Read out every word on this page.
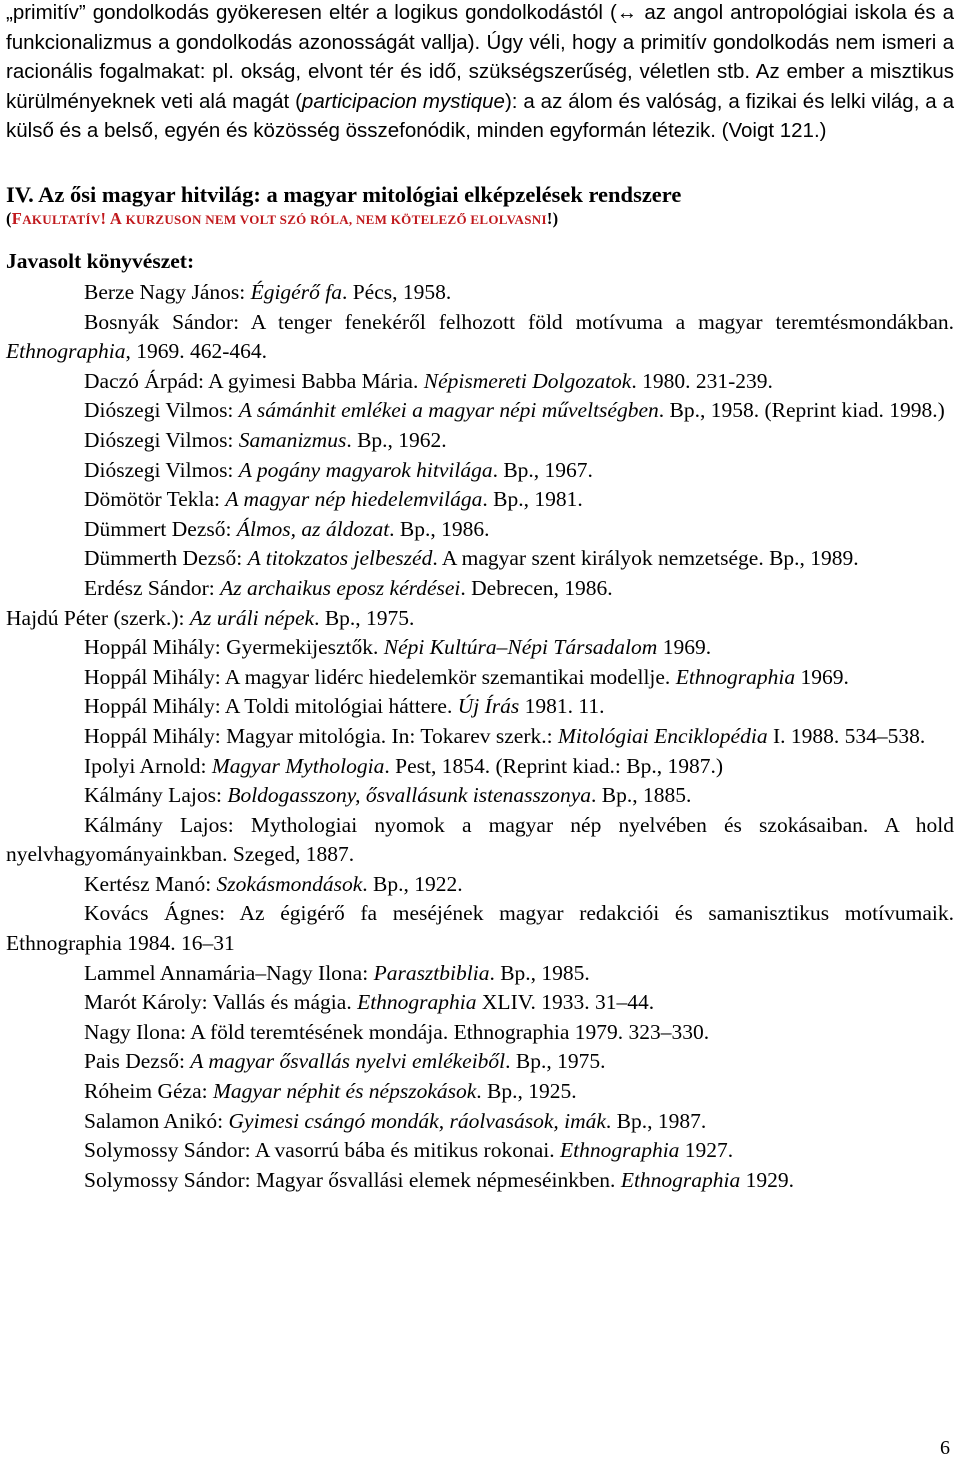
„primitív” gondolkodás gyökeresen eltér a logikus gondolkodástól (↔ az angol antropológiai iskola és a funkcionalizmus a gondolkodás azonosságát vallja). Úgy véli, hogy a primitív gondolkodás nem ismeri a racionális fogalmakat: pl. okság, elvont tér és idő, szükségszerűség, véletlen stb. Az ember a misztikus kürülményeknek veti alá magát (participacion mystique): a az álom és valóság, a fizikai és lelki világ, a a külső és a belső, egyén és közösség összefonódik, minden egyformán létezik. (Voigt 121.)

IV. Az ősi magyar hitvilág: a magyar mitológiai elképzelések rendszere

(FAKULTATÍV! A KURZUSON NEM VOLT SZÓ RÓLA, NEM KÖTELEZŐ ELOLVASNI!)

Javasolt könyvészet:

Berze Nagy János: Égigérő fa. Pécs, 1958.

Bosnyák Sándor: A tenger fenekéről felhozott föld motívuma a magyar teremtésmondákban. Ethnographia, 1969. 462-464.

Daczó Árpád: A gyimesi Babba Mária. Népismereti Dolgozatok. 1980. 231-239.

Diószegi Vilmos: A sámánhit emlékei a magyar népi műveltségben. Bp., 1958. (Reprint kiad. 1998.)

Diószegi Vilmos: Samanizmus. Bp., 1962.

Diószegi Vilmos: A pogány magyarok hitvilága. Bp., 1967.

Dömötör Tekla: A magyar nép hiedelemvilága. Bp., 1981.

Dümmert Dezső: Álmos, az áldozat. Bp., 1986.

Dümmerth Dezső: A titokzatos jelbeszéd. A magyar szent királyok nemzetsége. Bp., 1989.

Erdész Sándor: Az archaikus eposz kérdései. Debrecen, 1986.

Hajdú Péter (szerk.): Az uráli népek. Bp., 1975.

Hoppál Mihály: Gyermekijesztők. Népi Kultúra–Népi Társadalom 1969.

Hoppál Mihály: A magyar lidérc hiedelemkör szemantikai modellje. Ethnographia 1969.

Hoppál Mihály: A Toldi mitológiai háttere. Új Írás 1981. 11.

Hoppál Mihály: Magyar mitológia. In: Tokarev szerk.: Mitológiai Enciklopédia I. 1988. 534–538.

Ipolyi Arnold: Magyar Mythologia. Pest, 1854. (Reprint kiad.: Bp., 1987.)

Kálmány Lajos: Boldogasszony, ősvallásunk istenasszonya. Bp., 1885.

Kálmány Lajos: Mythologiai nyomok a magyar nép nyelvében és szokásaiban. A hold nyelvhagyományainkban. Szeged, 1887.

Kertész Manó: Szokásmondások. Bp., 1922.

Kovács Ágnes: Az égigérő fa meséjének magyar redakciói és samanisztikus motívumaik. Ethnographia 1984. 16–31

Lammel Annamária–Nagy Ilona: Parasztbiblia. Bp., 1985.

Marót Károly: Vallás és mágia. Ethnographia XLIV. 1933. 31–44.

Nagy Ilona: A föld teremtésének mondája. Ethnographia 1979. 323–330.

Pais Dezső: A magyar ősvallás nyelvi emlékeiből. Bp., 1975.

Róheim Géza: Magyar néphit és népszokások. Bp., 1925.

Salamon Anikó: Gyimesi csángó mondák, ráolvasások, imák. Bp., 1987.

Solymossy Sándor: A vasorrú bába és mitikus rokonai. Ethnographia 1927.

Solymossy Sándor: Magyar ősvallási elemek népmeséinkben. Ethnographia 1929.

6
